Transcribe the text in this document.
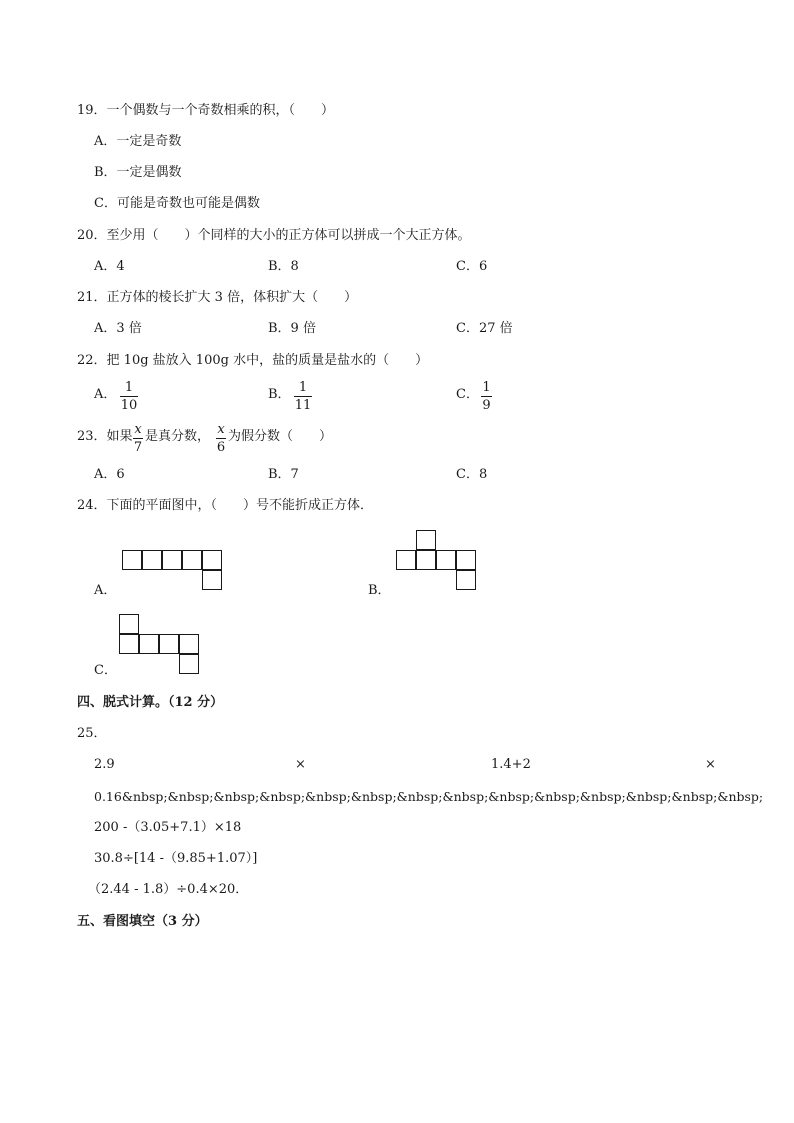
19．一个偶数与一个奇数相乘的积，（　　）
A．一定是奇数
B．一定是偶数
C．可能是奇数也可能是偶数
20．至少用（　　）个同样的大小的正方体可以拼成一个大正方体。
A．4	B．8	C．6
21．正方体的棱长扩大 3 倍，体积扩大（　　）
A．3 倍	B．9 倍	C．27 倍
22．把 10g 盐放入 100g 水中，盐的质量是盐水的（　　）
A． 1
10
B． 1
11
C． 1
9
23．如果 x
7
是真分数， x
6
为假分数（　　）
A．6	B．7	C．8
24．下面的平面图中，（　　）号不能折成正方体．
A．	B．
C．
四、脱式计算。（12 分）
25．
2.9	×	1.4+2	×
0.16&nbsp;&nbsp;&nbsp;&nbsp;&nbsp;&nbsp;&nbsp;&nbsp;&nbsp;&nbsp;&nbsp;&nbsp;&nbsp;&nbsp;
200 -（3.05+7.1）×18
30.8÷[14 -（9.85+1.07）]
（2.44 - 1.8）÷0.4×20．
五、看图填空（3 分）
